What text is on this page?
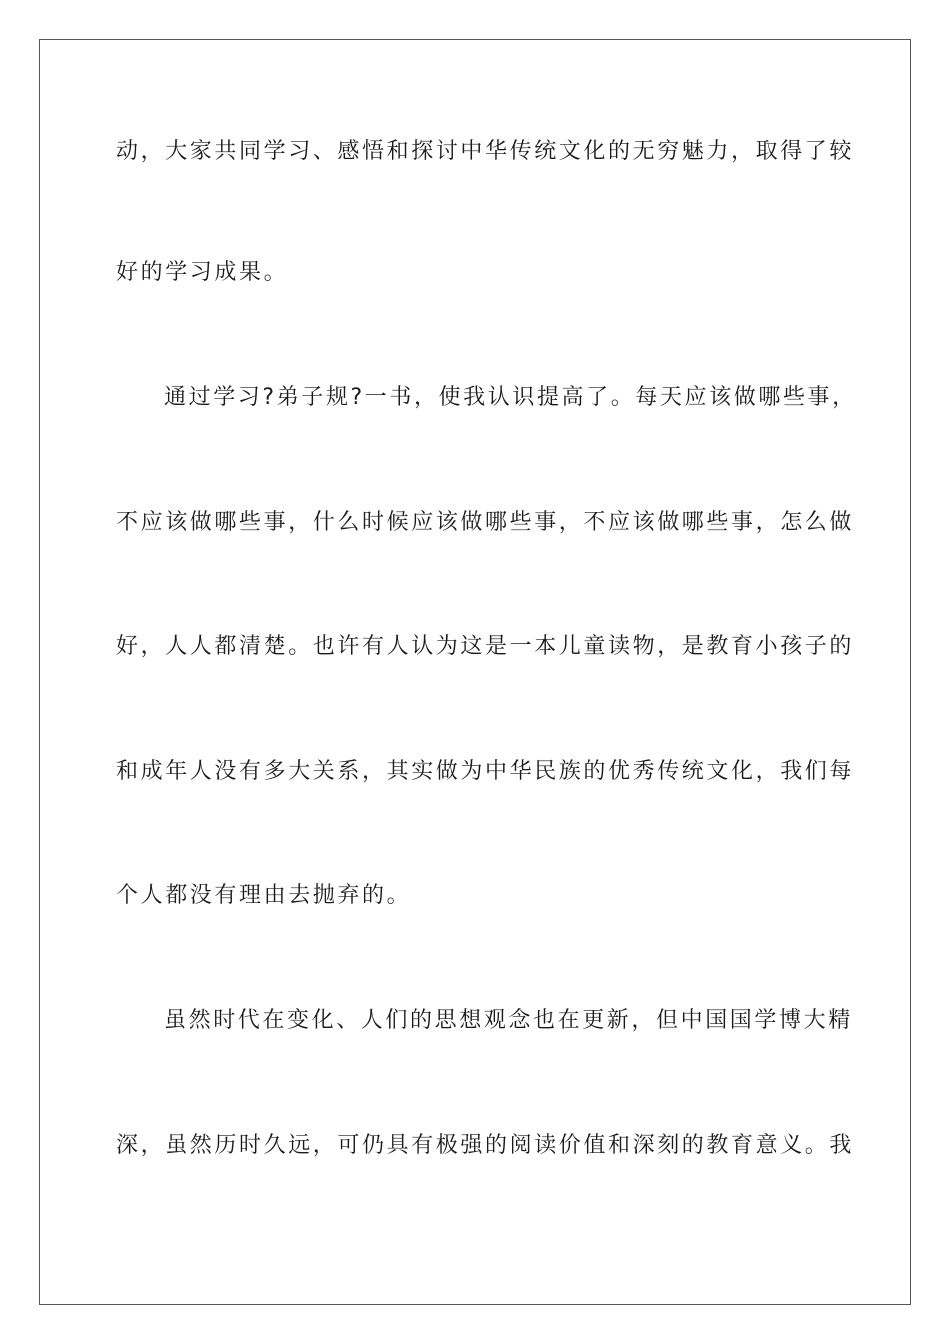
动，大家共同学习、感悟和探讨中华传统文化的无穷魅力，取得了较
好的学习成果。
通过学习?弟子规?一书，使我认识提高了。每天应该做哪些事，
不应该做哪些事，什么时候应该做哪些事，不应该做哪些事，怎么做
好，人人都清楚。也许有人认为这是一本儿童读物，是教育小孩子的
和成年人没有多大关系，其实做为中华民族的优秀传统文化，我们每
个人都没有理由去抛弃的。
虽然时代在变化、人们的思想观念也在更新，但中国国学博大精
深，虽然历时久远，可仍具有极强的阅读价值和深刻的教育意义。我
